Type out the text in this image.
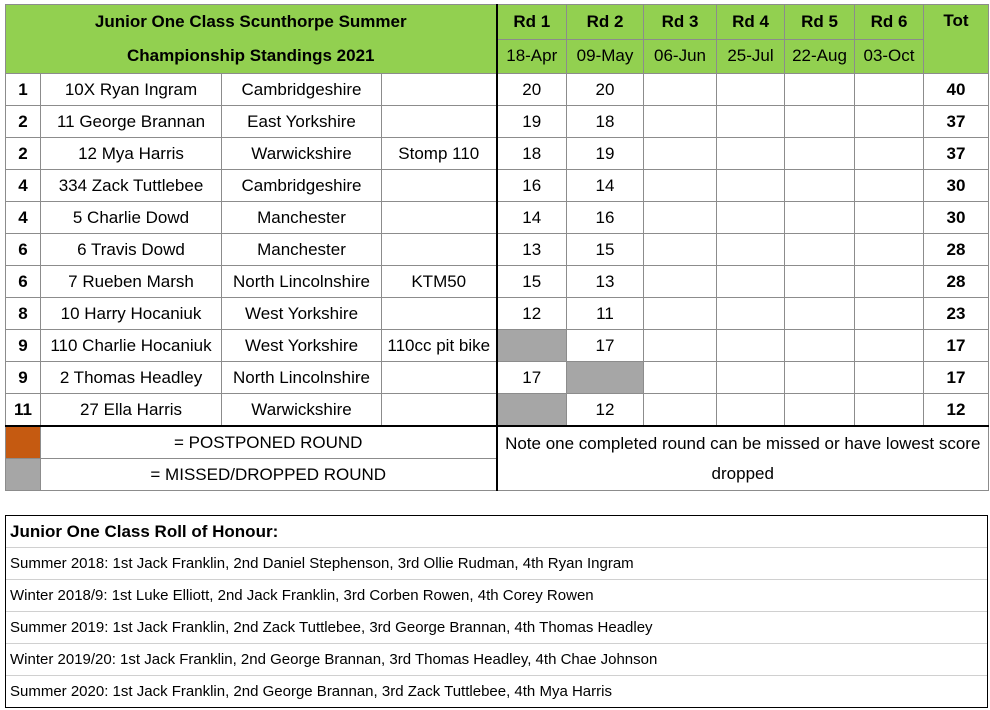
Junior One Class Scunthorpe Summer
Championship Standings 2021				Rd 1	Rd 2	Rd 3	Rd 4	Rd 5	Rd 6	Tot
				18-Apr	09-May	06-Jun	25-Jul	22-Aug	03-Oct	
1	10X Ryan Ingram	Cambridgeshire		20	20					40
2	11 George Brannan	East Yorkshire		19	18					37
2	12 Mya Harris	Warwickshire	Stomp 110	18	19					37
4	334 Zack Tuttlebee	Cambridgeshire		16	14					30
4	5 Charlie Dowd	Manchester		14	16					30
6	6 Travis Dowd	Manchester		13	15					28
6	7 Rueben Marsh	North Lincolnshire	KTM50	15	13					28
8	10 Harry Hocaniuk	West Yorkshire		12	11					23
9	110 Charlie Hocaniuk	West Yorkshire	110cc pit bike		17					17
9	2 Thomas Headley	North Lincolnshire		17						17
11	27 Ella Harris	Warwickshire			12					12
	= POSTPONED ROUND			Note one completed round can be missed or have lowest score dropped						
	= MISSED/DROPPED ROUND									
Junior One Class Roll of Honour:
Summer 2018: 1st Jack Franklin, 2nd Daniel Stephenson, 3rd Ollie Rudman, 4th Ryan Ingram
Winter 2018/9: 1st Luke Elliott, 2nd Jack Franklin, 3rd Corben Rowen, 4th Corey Rowen
Summer 2019: 1st Jack Franklin, 2nd Zack Tuttlebee, 3rd George Brannan, 4th Thomas Headley
Winter 2019/20: 1st Jack Franklin, 2nd George Brannan, 3rd Thomas Headley, 4th Chae Johnson
Summer 2020: 1st Jack Franklin, 2nd George Brannan, 3rd Zack Tuttlebee, 4th Mya Harris
